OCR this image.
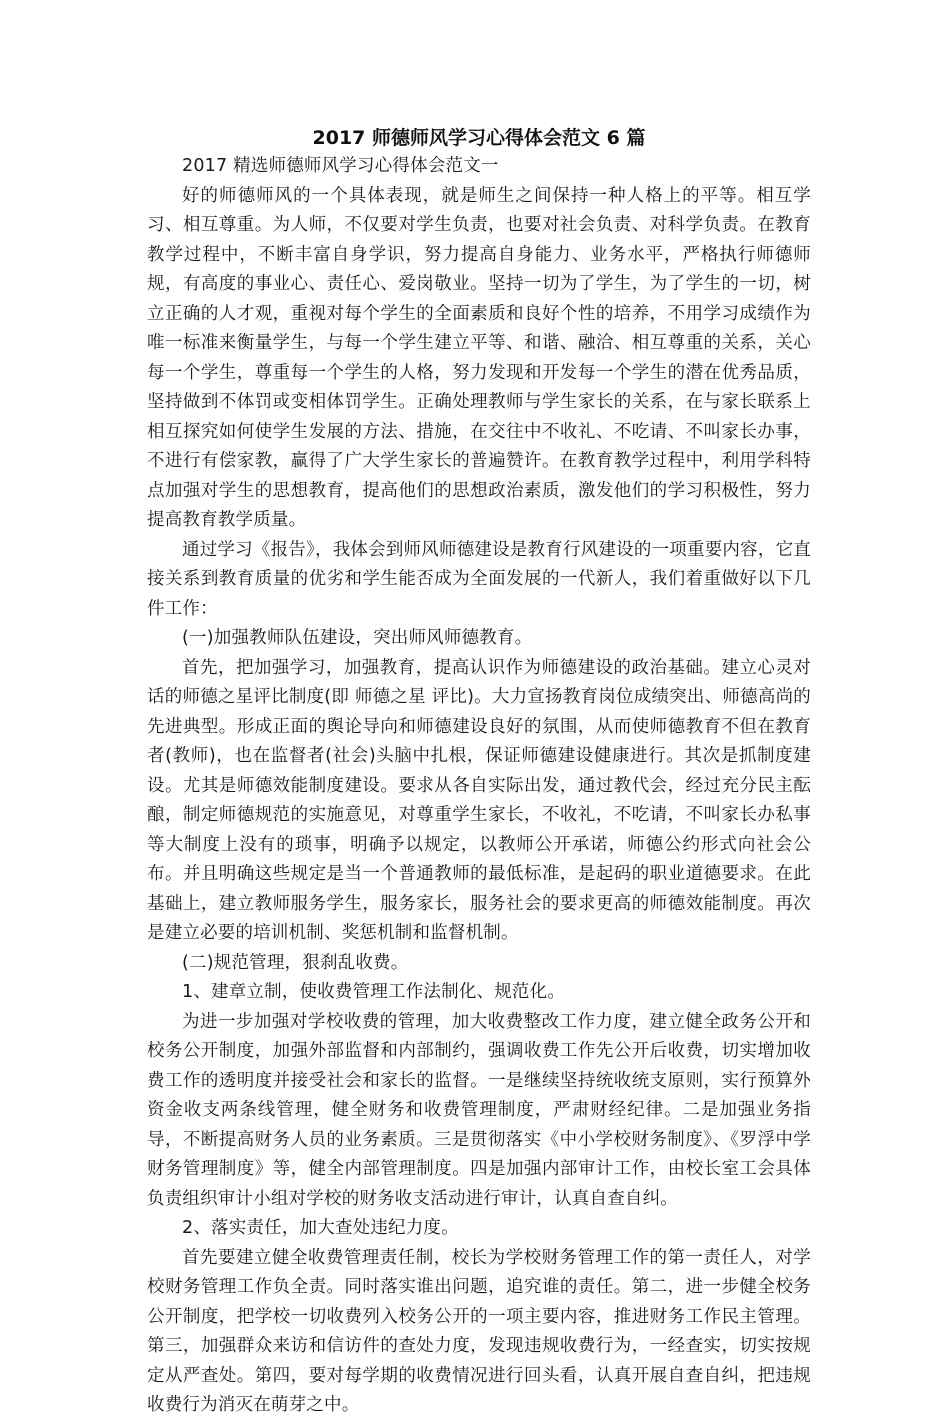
2017 师德师风学习心得体会范文 6 篇

2017 精选师德师风学习心得体会范文一

好的师德师风的一个具体表现，就是师生之间保持一种人格上的平等。相互学习、相互尊重。为人师，不仅要对学生负责，也要对社会负责、对科学负责。在教育教学过程中，不断丰富自身学识，努力提高自身能力、业务水平，严格执行师德师规，有高度的事业心、责任心、爱岗敬业。坚持一切为了学生，为了学生的一切，树立正确的人才观，重视对每个学生的全面素质和良好个性的培养，不用学习成绩作为唯一标准来衡量学生，与每一个学生建立平等、和谐、融洽、相互尊重的关系，关心每一个学生，尊重每一个学生的人格，努力发现和开发每一个学生的潜在优秀品质，坚持做到不体罚或变相体罚学生。正确处理教师与学生家长的关系，在与家长联系上相互探究如何使学生发展的方法、措施，在交往中不收礼、不吃请、不叫家长办事，不进行有偿家教，赢得了广大学生家长的普遍赞许。在教育教学过程中，利用学科特点加强对学生的思想教育，提高他们的思想政治素质，激发他们的学习积极性，努力提高教育教学质量。

通过学习《报告》，我体会到师风师德建设是教育行风建设的一项重要内容，它直接关系到教育质量的优劣和学生能否成为全面发展的一代新人，我们着重做好以下几件工作：

(一)加强教师队伍建设，突出师风师德教育。

首先，把加强学习，加强教育，提高认识作为师德建设的政治基础。建立心灵对话的师德之星评比制度(即 师德之星 评比)。大力宣扬教育岗位成绩突出、师德高尚的先进典型。形成正面的舆论导向和师德建设良好的氛围，从而使师德教育不但在教育者(教师)，也在监督者(社会)头脑中扎根，保证师德建设健康进行。其次是抓制度建设。尤其是师德效能制度建设。要求从各自实际出发，通过教代会，经过充分民主酝酿，制定师德规范的实施意见，对尊重学生家长，不收礼，不吃请，不叫家长办私事等大制度上没有的琐事，明确予以规定，以教师公开承诺，师德公约形式向社会公布。并且明确这些规定是当一个普通教师的最低标准，是起码的职业道德要求。在此基础上，建立教师服务学生，服务家长，服务社会的要求更高的师德效能制度。再次是建立必要的培训机制、奖惩机制和监督机制。

(二)规范管理，狠刹乱收费。

1、建章立制，使收费管理工作法制化、规范化。

为进一步加强对学校收费的管理，加大收费整改工作力度，建立健全政务公开和校务公开制度，加强外部监督和内部制约，强调收费工作先公开后收费，切实增加收费工作的透明度并接受社会和家长的监督。一是继续坚持统收统支原则，实行预算外资金收支两条线管理，健全财务和收费管理制度，严肃财经纪律。二是加强业务指导，不断提高财务人员的业务素质。三是贯彻落实《中小学校财务制度》、《罗浮中学财务管理制度》等，健全内部管理制度。四是加强内部审计工作，由校长室工会具体负责组织审计小组对学校的财务收支活动进行审计，认真自查自纠。

2、落实责任，加大查处违纪力度。

首先要建立健全收费管理责任制，校长为学校财务管理工作的第一责任人，对学校财务管理工作负全责。同时落实谁出问题，追究谁的责任。第二，进一步健全校务公开制度，把学校一切收费列入校务公开的一项主要内容，推进财务工作民主管理。第三，加强群众来访和信访件的查处力度，发现违规收费行为，一经查实，切实按规定从严查处。第四，要对每学期的收费情况进行回头看，认真开展自查自纠，把违规收费行为消灭在萌芽之中。
